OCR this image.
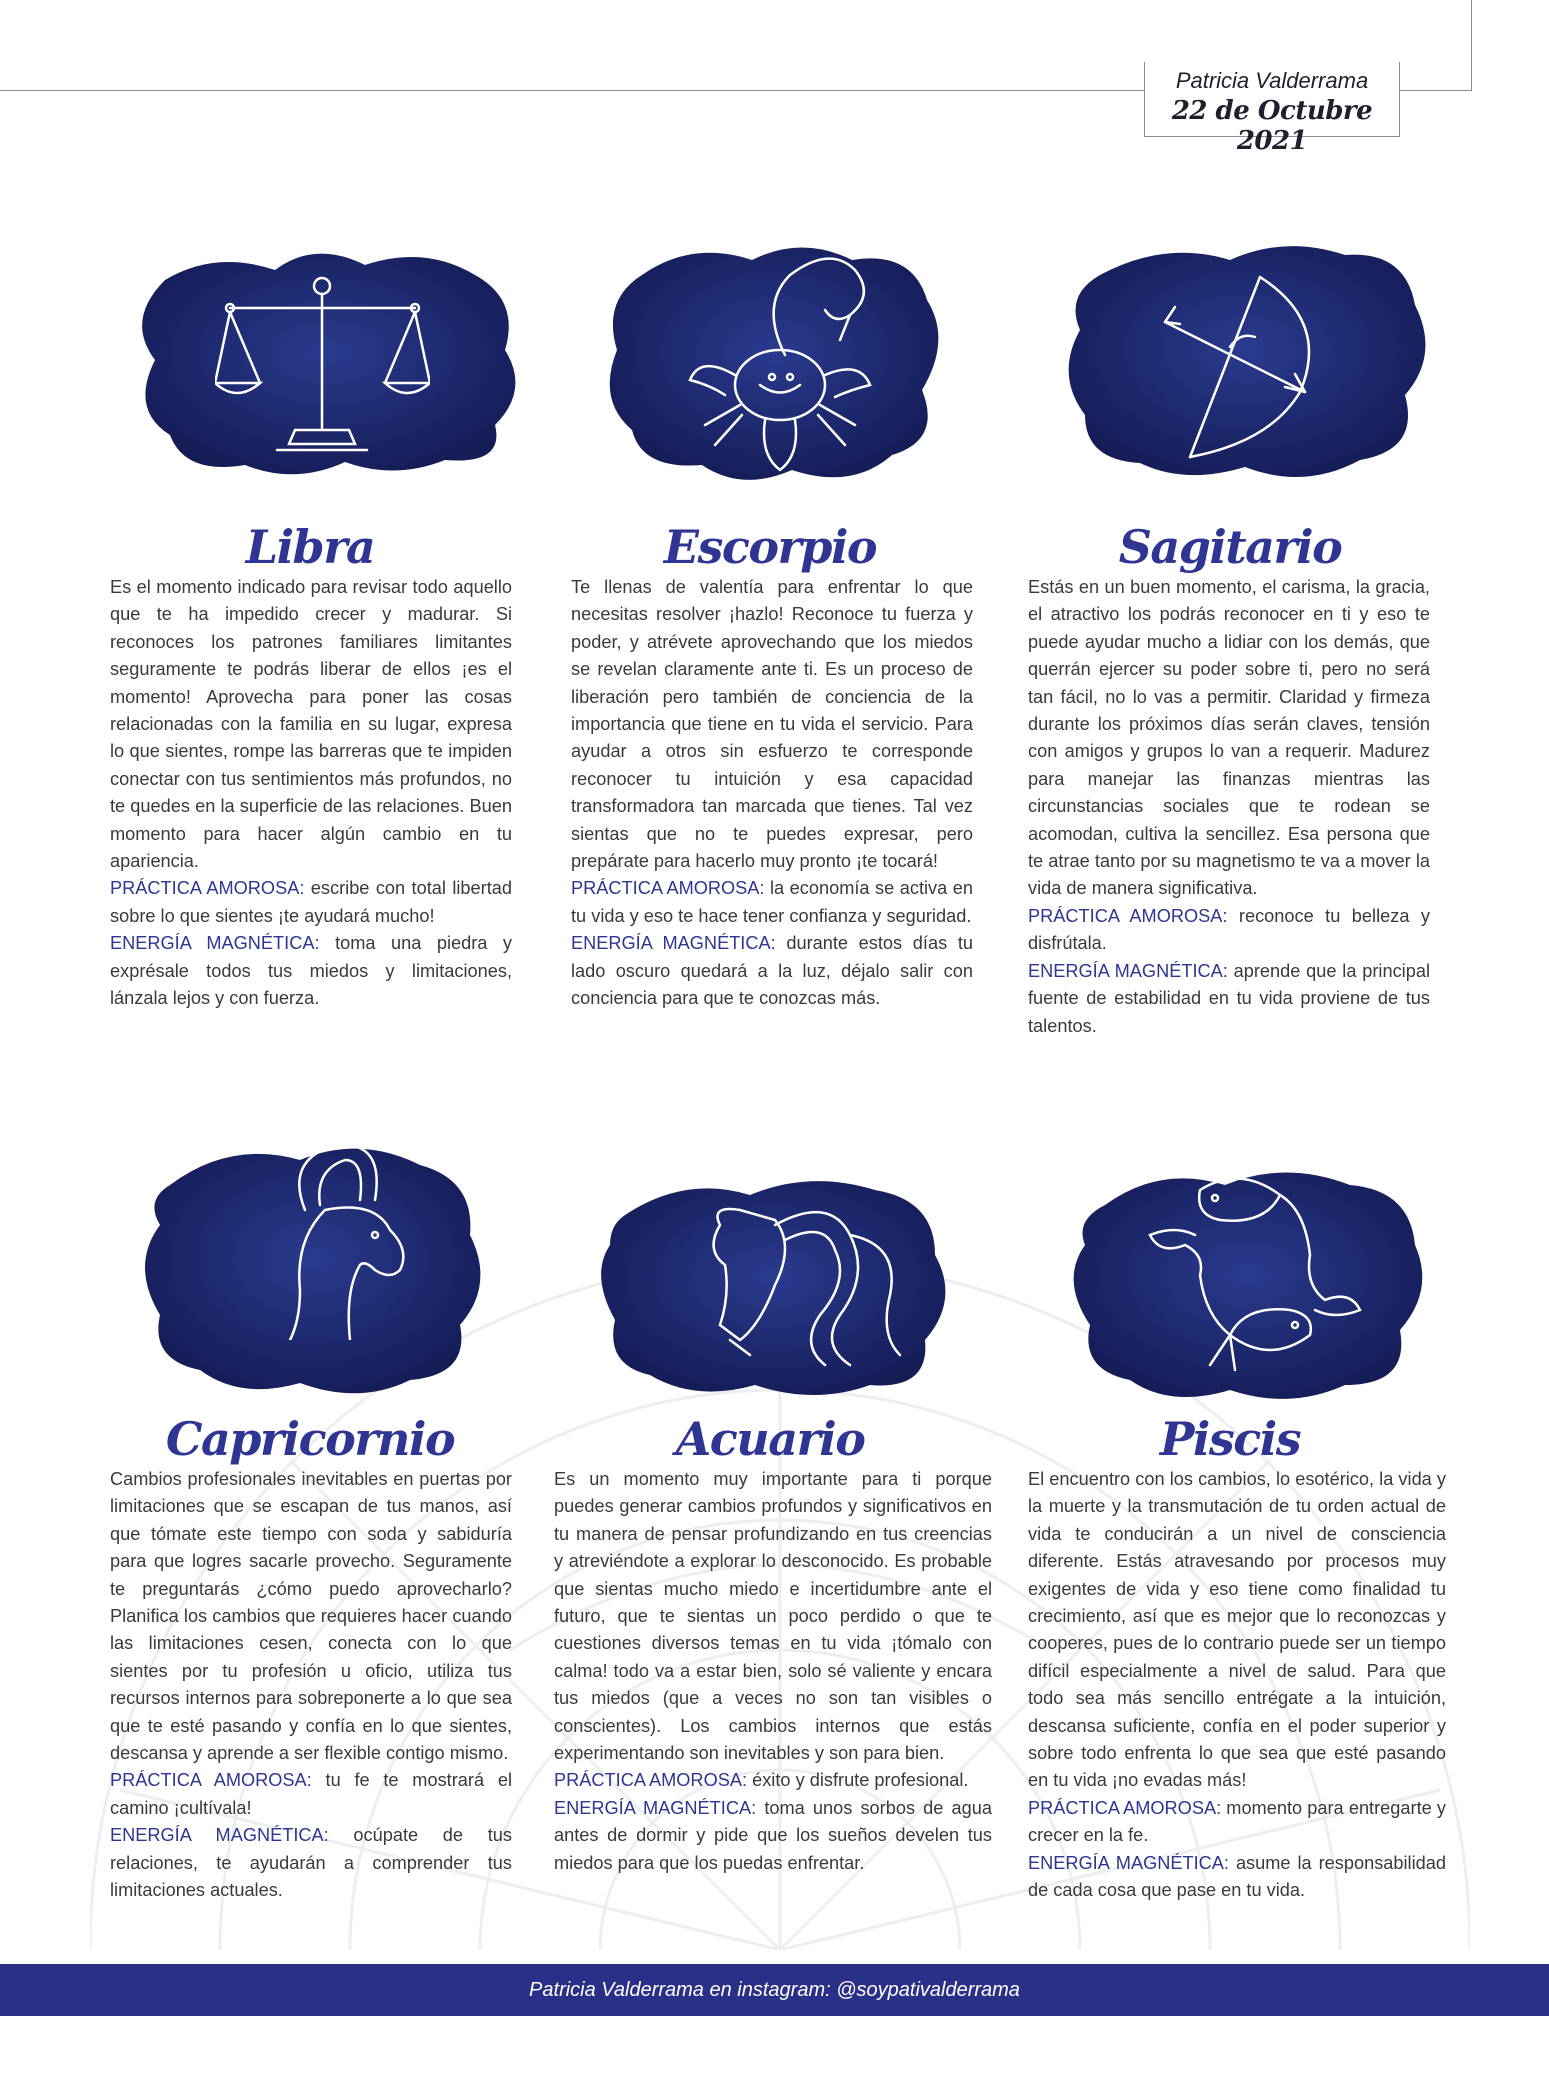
Patricia Valderrama
22 de Octubre 2021
Libra

Es el momento indicado para revisar todo aquello que te ha impedido crecer y madurar. Si reconoces los patrones familiares limitantes seguramente te podrás liberar de ellos ¡es el momento! Aprovecha para poner las cosas relacionadas con la familia en su lugar, expresa lo que sientes, rompe las barreras que te impiden conectar con tus sentimientos más profundos, no te quedes en la superficie de las relaciones. Buen momento para hacer algún cambio en tu apariencia.

PRÁCTICA AMOROSA: escribe con total libertad sobre lo que sientes ¡te ayudará mucho!

ENERGÍA MAGNÉTICA: toma una piedra y exprésale todos tus miedos y limitaciones, lánzala lejos y con fuerza.

Escorpio

Te llenas de valentía para enfrentar lo que necesitas resolver ¡hazlo! Reconoce tu fuerza y poder, y atrévete aprovechando que los miedos se revelan claramente ante ti. Es un proceso de liberación pero también de conciencia de la importancia que tiene en tu vida el servicio. Para ayudar a otros sin esfuerzo te corresponde reconocer tu intuición y esa capacidad transformadora tan marcada que tienes. Tal vez sientas que no te puedes expresar, pero prepárate para hacerlo muy pronto ¡te tocará!

PRÁCTICA AMOROSA: la economía se activa en tu vida y eso te hace tener confianza y seguridad.

ENERGÍA MAGNÉTICA: durante estos días tu lado oscuro quedará a la luz, déjalo salir con conciencia para que te conozcas más.

Sagitario

Estás en un buen momento, el carisma, la gracia, el atractivo los podrás reconocer en ti y eso te puede ayudar mucho a lidiar con los demás, que querrán ejercer su poder sobre ti, pero no será tan fácil, no lo vas a permitir. Claridad y firmeza durante los próximos días serán claves, tensión con amigos y grupos lo van a requerir. Madurez para manejar las finanzas mientras las circunstancias sociales que te rodean se acomodan, cultiva la sencillez. Esa persona que te atrae tanto por su magnetismo te va a mover la vida de manera significativa.

PRÁCTICA AMOROSA: reconoce tu belleza y disfrútala.

ENERGÍA MAGNÉTICA: aprende que la principal fuente de estabilidad en tu vida proviene de tus talentos.

Capricornio

Cambios profesionales inevitables en puertas por limitaciones que se escapan de tus manos, así que tómate este tiempo con soda y sabiduría para que logres sacarle provecho. Seguramente te preguntarás ¿cómo puedo aprovecharlo? Planifica los cambios que requieres hacer cuando las limitaciones cesen, conecta con lo que sientes por tu profesión u oficio, utiliza tus recursos internos para sobreponerte a lo que sea que te esté pasando y confía en lo que sientes, descansa y aprende a ser flexible contigo mismo.

PRÁCTICA AMOROSA: tu fe te mostrará el camino ¡cultívala!

ENERGÍA MAGNÉTICA: ocúpate de tus relaciones, te ayudarán a comprender tus limitaciones actuales.

Acuario

Es un momento muy importante para ti porque puedes generar cambios profundos y significativos en tu manera de pensar profundizando en tus creencias y atreviéndote a explorar lo desconocido. Es probable que sientas mucho miedo e incertidumbre ante el futuro, que te sientas un poco perdido o que te cuestiones diversos temas en tu vida ¡tómalo con calma! todo va a estar bien, solo sé valiente y encara tus miedos (que a veces no son tan visibles o conscientes). Los cambios internos que estás experimentando son inevitables y son para bien.

PRÁCTICA AMOROSA: éxito y disfrute profesional.

ENERGÍA MAGNÉTICA: toma unos sorbos de agua antes de dormir y pide que los sueños develen tus miedos para que los puedas enfrentar.

Piscis

El encuentro con los cambios, lo esotérico, la vida y la muerte y la transmutación de tu orden actual de vida te conducirán a un nivel de consciencia diferente. Estás atravesando por procesos muy exigentes de vida y eso tiene como finalidad tu crecimiento, así que es mejor que lo reconozcas y cooperes, pues de lo contrario puede ser un tiempo difícil especialmente a nivel de salud. Para que todo sea más sencillo entrégate a la intuición, descansa suficiente, confía en el poder superior y sobre todo enfrenta lo que sea que esté pasando en tu vida ¡no evadas más!

PRÁCTICA AMOROSA: momento para entregarte y crecer en la fe.

ENERGÍA MAGNÉTICA: asume la responsabilidad de cada cosa que pase en tu vida.

Patricia Valderrama en instagram: @soypativalderrama
